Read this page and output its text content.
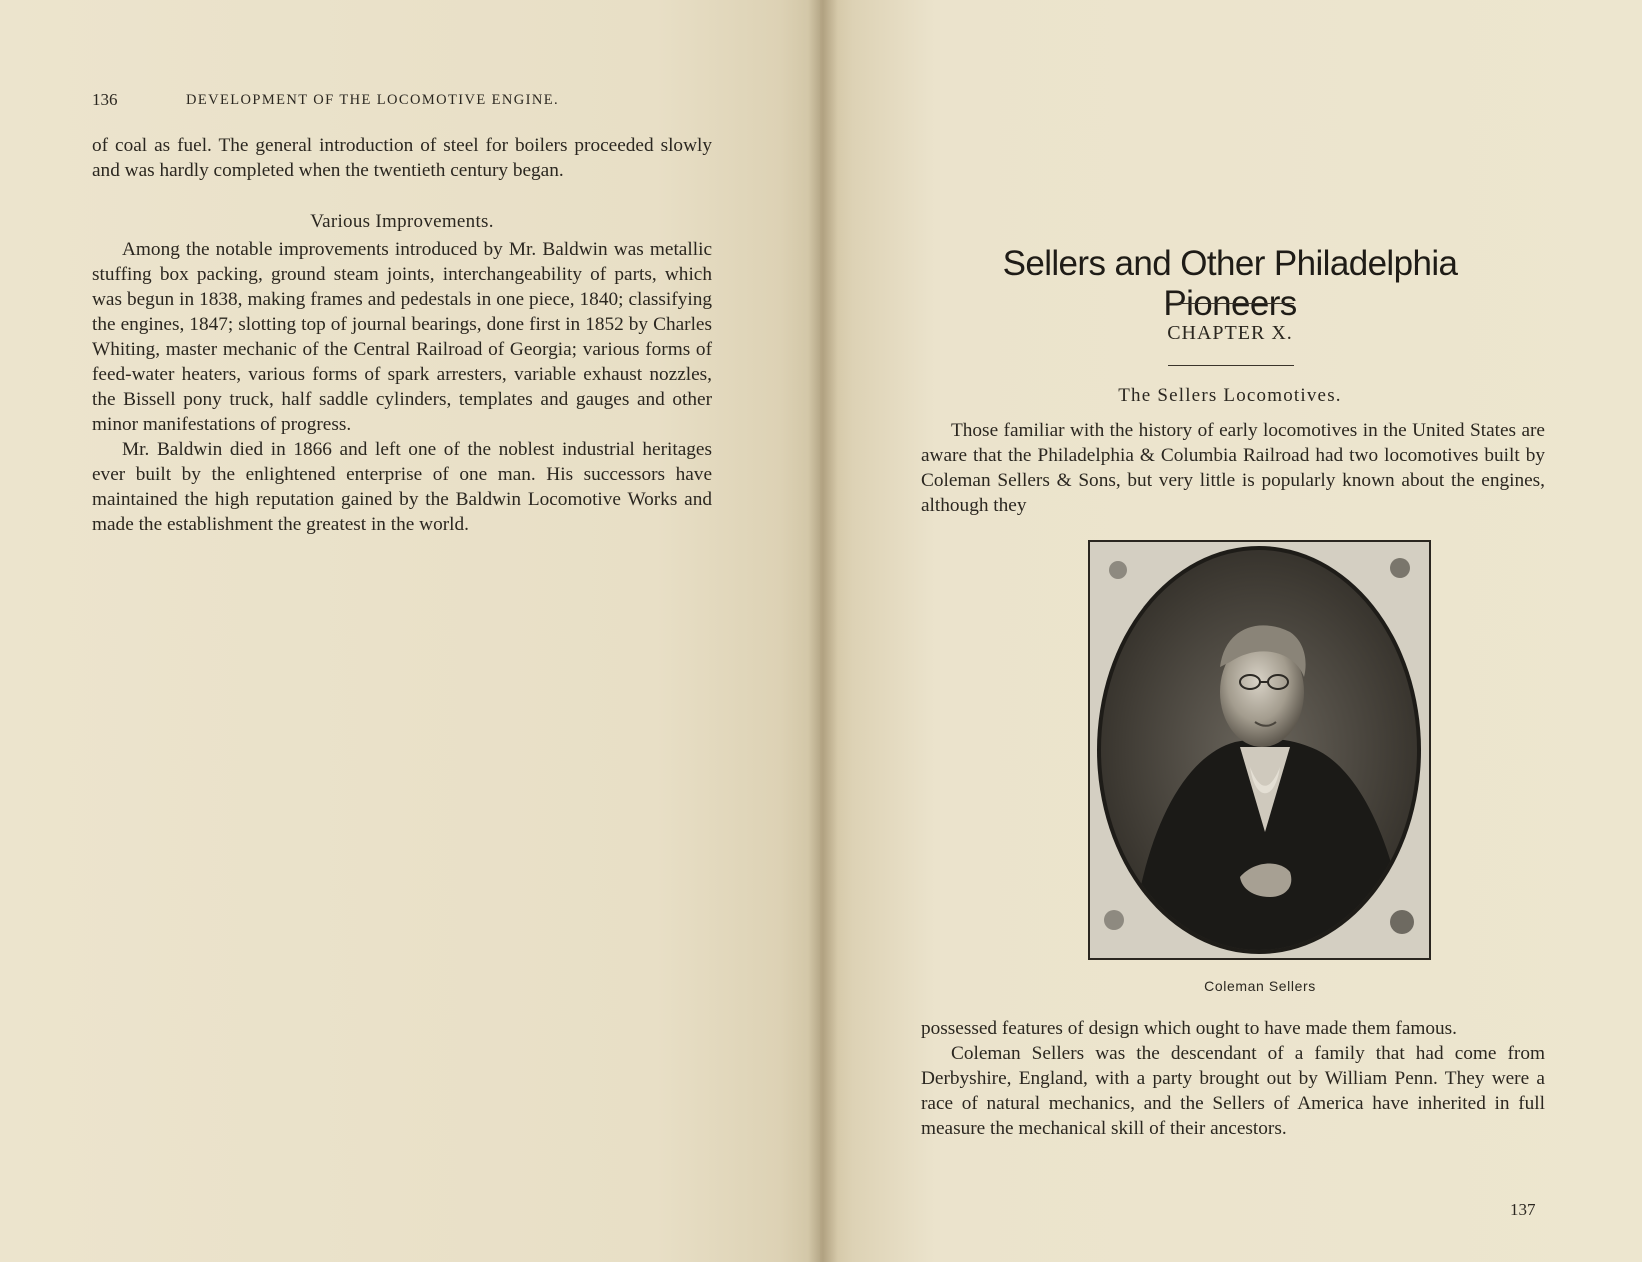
136	DEVELOPMENT OF THE LOCOMOTIVE ENGINE.

of coal as fuel. The general introduction of steel for boilers proceeded slowly and was hardly completed when the twentieth century began.

Various Improvements.

Among the notable improvements introduced by Mr. Baldwin was metallic stuffing box packing, ground steam joints, interchangeability of parts, which was begun in 1838, making frames and pedestals in one piece, 1840; classifying the engines, 1847; slotting top of journal bearings, done first in 1852 by Charles Whiting, master mechanic of the Central Railroad of Georgia; various forms of feed-water heaters, various forms of spark arresters, variable exhaust nozzles, the Bissell pony truck, half saddle cylinders, templates and gauges and other minor manifestations of progress.

Mr. Baldwin died in 1866 and left one of the noblest industrial heritages ever built by the enlightened enterprise of one man. His successors have maintained the high reputation gained by the Baldwin Locomotive Works and made the establishment the greatest in the world.

Sellers and Other Philadelphia Pioneers
CHAPTER X.
The Sellers Locomotives.

Those familiar with the history of early locomotives in the United States are aware that the Philadelphia & Columbia Railroad had two locomotives built by Coleman Sellers & Sons, but very little is popularly known about the engines, although they

Coleman Sellers

possessed features of design which ought to have made them famous.

Coleman Sellers was the descendant of a family that had come from Derbyshire, England, with a party brought out by William Penn. They were a race of natural mechanics, and the Sellers of America have inherited in full measure the mechanical skill of their ancestors.

137
